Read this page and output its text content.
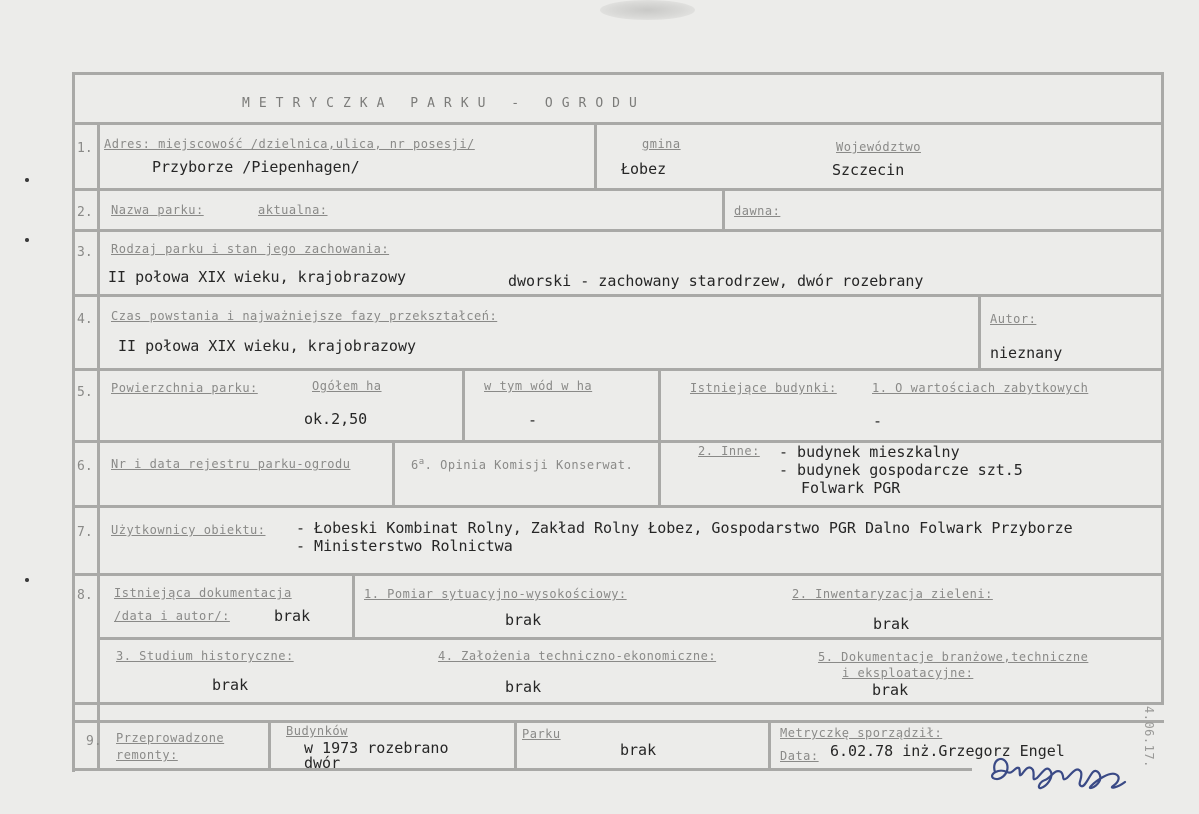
METRYCZKA PARKU - OGRODU
1. Adres: miejscowość /dzielnica,ulica, nr posesji/
Przyborze /Piepenhagen/
gmina
Łobez
Województwo
Szczecin
2. Nazwa parku:	aktualna:	dawna:
3. Rodzaj parku i stan jego zachowania:
II połowa XIX wieku, krajobrazowy	dworski - zachowany starodrzew, dwór rozebrany
4. Czas powstania i najważniejsze fazy przekształceń:
II połowa XIX wieku, krajobrazowy
Autor:
nieznany
5. Powierzchnia parku:	Ogółem ha
ok.2,50
w tym wód w ha
-
Istniejące budynki:	1. O wartościach zabytkowych
-
2. Inne: - budynek mieszkalny
- budynek gospodarcze szt.5
Folwark PGR
6. Nr i data rejestru parku-ogrodu	6$^a$. Opinia Komisji Konserwat.
7. Użytkownicy obiektu: - Łobeski Kombinat Rolny, Zakład Rolny Łobez, Gospodarstwo PGR Dalno Folwark Przyborze
- Ministerstwo Rolnictwa
8. Istniejąca dokumentacja
/data i autor/:	brak
1. Pomiar sytuacyjno-wysokościowy:
brak
2. Inwentaryzacja zieleni:
brak
3. Studium historyczne:
brak
4. Założenia techniczno-ekonomiczne:
brak
5. Dokumentacje branżowe,techniczne
i eksploatacyjne:
brak
9. Przeprowadzone
remonty:
Budynków
w 1973 rozebrano
dwór
Parku
brak
Metryczkę sporządził:
Data: 6.02.78 inż.Grzegorz Engel	4.06.17.
